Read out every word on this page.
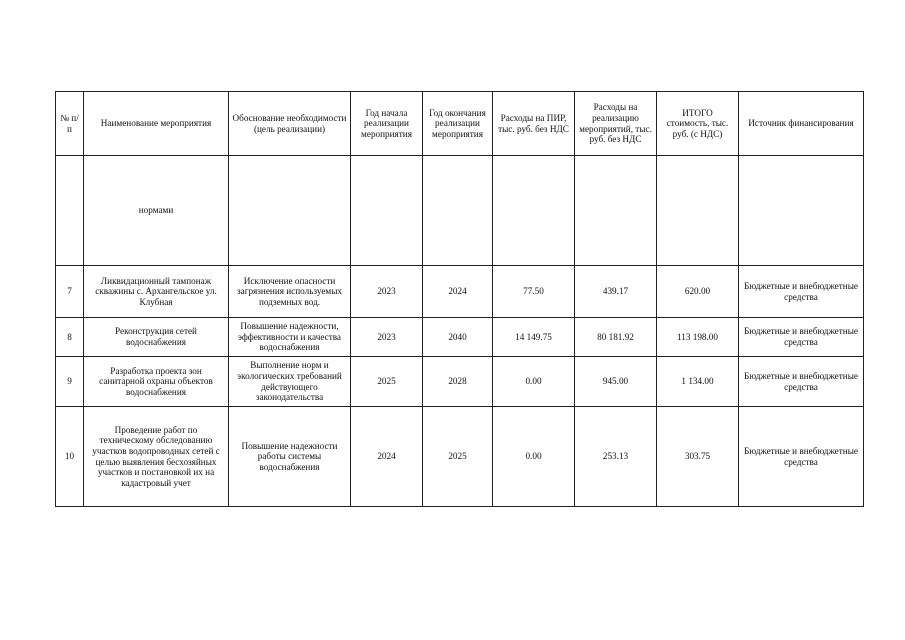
№ п/п	Наименование мероприятия	Обоснование необходимости (цель реализации)	Год начала реализации мероприятия	Год окончания реализации мероприятия	Расходы на ПИР, тыс. руб. без НДС	Расходы на реализацию мероприятий, тыс. руб. без НДС	ИТОГО стоимость, тыс. руб. (с НДС)	Источник финансирования
	нормами							
7	Ликвидационный тампонаж скважины с. Архангельское ул. Клубная	Исключение опасности загрязнения используемых подземных вод.	2023	2024	77.50	439.17	620.00	Бюджетные и внебюджетные средства
8	Реконструкция сетей водоснабжения	Повышение надежности, эффективности и качества водоснабжения	2023	2040	14 149.75	80 181.92	113 198.00	Бюджетные и внебюджетные средства
9	Разработка проекта зон санитарной охраны объектов водоснабжения	Выполнение норм и экологических требований действующего законодательства	2025	2028	0.00	945.00	1 134.00	Бюджетные и внебюджетные средства
10	Проведение работ по техническому обследованию участков водопроводных сетей с целью выявления бесхозяйных участков и постановкой их на кадастровый учет	Повышение надежности работы системы водоснабжения	2024	2025	0.00	253.13	303.75	Бюджетные и внебюджетные средства
